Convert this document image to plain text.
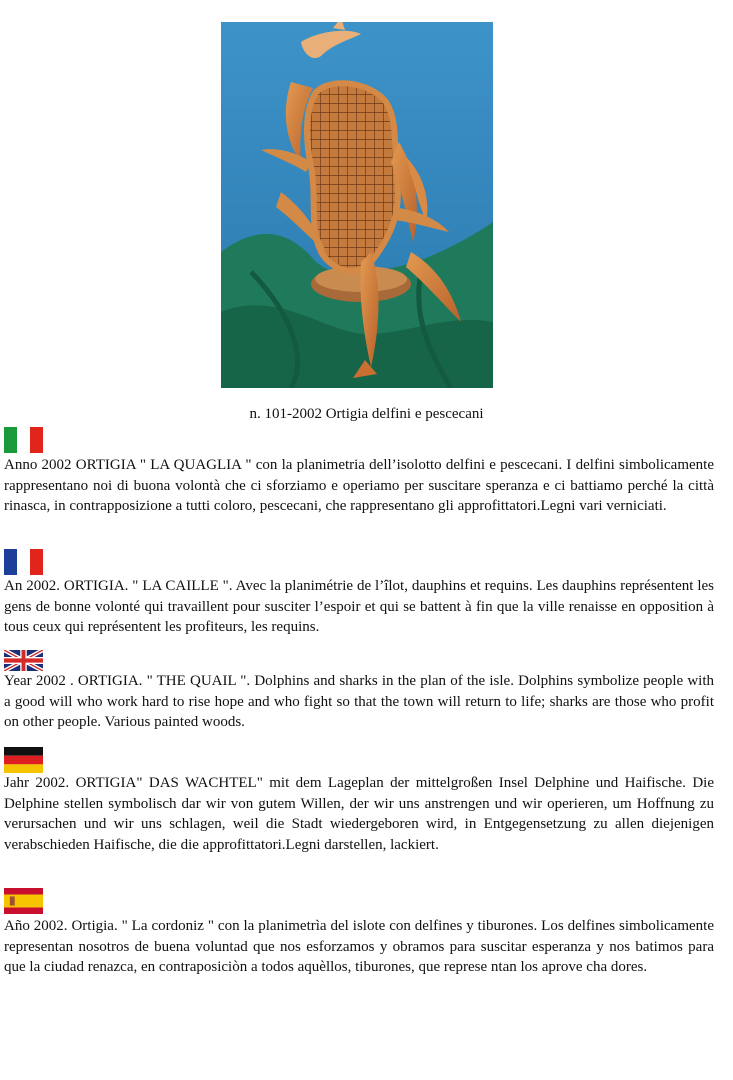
n. 101-2002 Ortigia delfini e pescecani

Anno 2002 ORTIGIA " LA QUAGLIA " con la planimetria dell’isolotto delfini e pescecani. I delfini simbolicamente rappresentano noi di buona volontà che ci sforziamo e operiamo per suscitare speranza e ci battiamo perché la città rinasca, in contrapposizione a tutti coloro, pescecani, che rappresentano gli approfittatori.Legni vari verniciati.

An 2002. ORTIGIA. " LA CAILLE ". Avec la planimétrie de l’îlot, dauphins et requins. Les dauphins représentent les gens de bonne volonté qui travaillent pour susciter l’espoir et qui se battent à fin que la ville renaisse en opposition à tous ceux qui représentent les profiteurs, les requins.

Year 2002 . ORTIGIA. " THE QUAIL ". Dolphins and sharks in the plan of the isle. Dolphins symbolize people with a good will who work hard to rise hope and who fight so that the town will return to life; sharks are those who profit on other people. Various painted woods.

Jahr 2002. ORTIGIA" DAS WACHTEL" mit dem Lageplan der mittelgroßen Insel Delphine und Haifische. Die Delphine stellen symbolisch dar wir von gutem Willen, der wir uns anstrengen und wir operieren, um Hoffnung zu verursachen und wir uns schlagen, weil die Stadt wiedergeboren wird, in Entgegensetzung zu allen diejenigen verabschieden Haifische, die die approfittatori.Legni darstellen, lackiert.

Año 2002. Ortigia. " La cordoniz " con la planimetrìa del islote con delfines y tiburones. Los delfines simbolicamente representan nosotros de buena voluntad que nos esforzamos y obramos para suscitar esperanza y nos batimos para que la ciudad renazca, en contraposiciòn a todos aquèllos, tiburones, que represe ntan los aprove cha dores.
